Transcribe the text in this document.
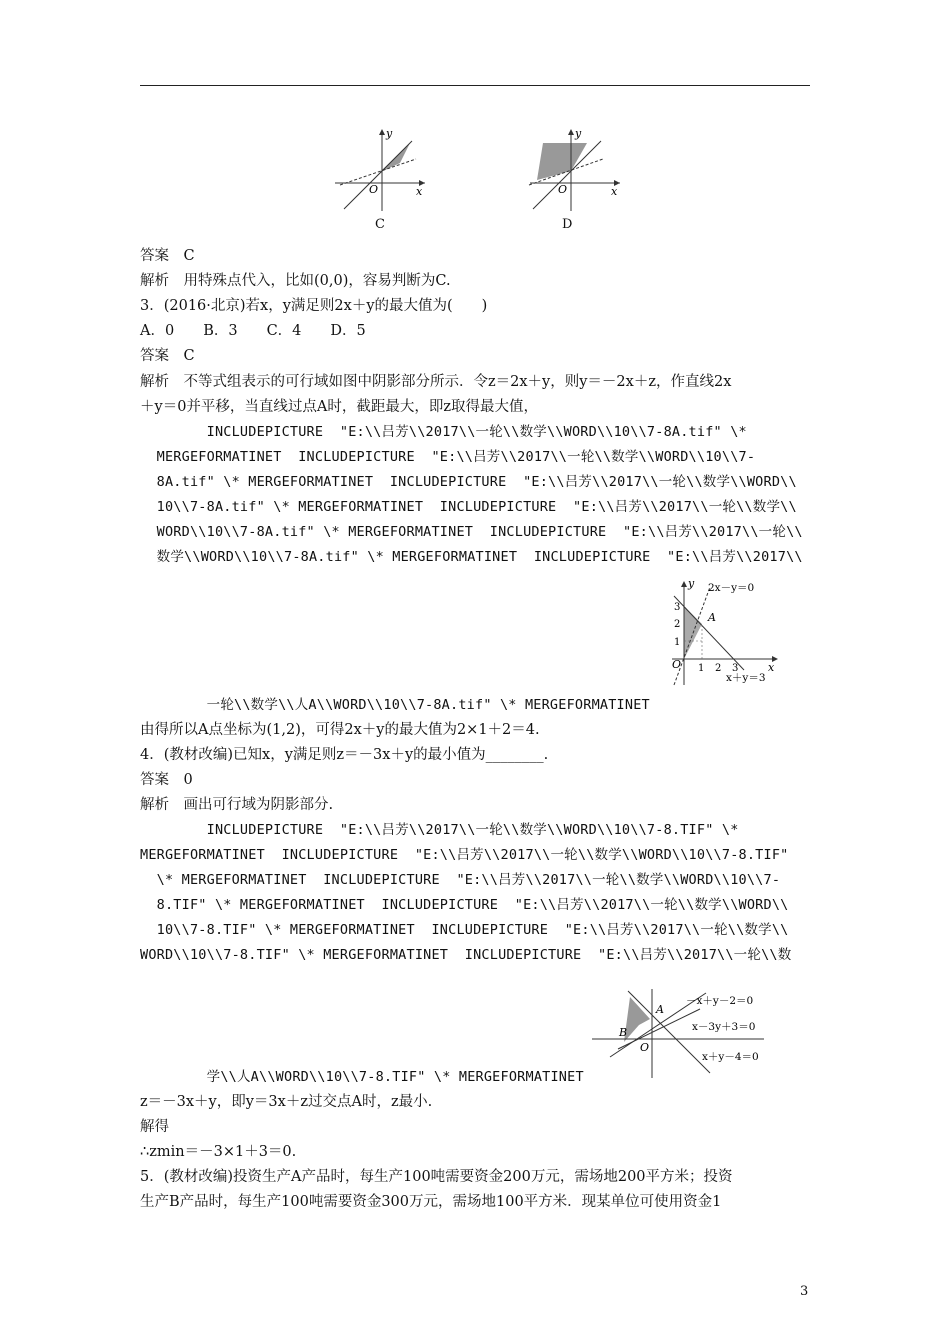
y
x
O
C
y
x
O
D
答案　C
解析　用特殊点代入，比如(0,0)，容易判断为C.
3．(2016·北京)若x，y满足则2x＋y的最大值为(　　)
A．0　　B．3　　C．4　　D．5
答案　C
解析　不等式组表示的可行域如图中阴影部分所示．令z＝2x＋y，则y＝－2x＋z，作直线2x
＋y＝0并平移，当直线过点A时，截距最大，即z取得最大值，
INCLUDEPICTURE  "E:\\吕芳\\2017\\一轮\\数学\\WORD\\10\\7-8A.tif" \*
MERGEFORMATINET  INCLUDEPICTURE  "E:\\吕芳\\2017\\一轮\\数学\\WORD\\10\\7-
8A.tif" \* MERGEFORMATINET  INCLUDEPICTURE  "E:\\吕芳\\2017\\一轮\\数学\\WORD\\
10\\7-8A.tif" \* MERGEFORMATINET  INCLUDEPICTURE  "E:\\吕芳\\2017\\一轮\\数学\\
WORD\\10\\7-8A.tif" \* MERGEFORMATINET  INCLUDEPICTURE  "E:\\吕芳\\2017\\一轮\\
数学\\WORD\\10\\7-8A.tif" \* MERGEFORMATINET  INCLUDEPICTURE  "E:\\吕芳\\2017\\
y
x
O
A
2x－y＝0
x＋y＝3
1 2 3
1
2
3
一轮\\数学\\人A\\WORD\\10\\7-8A.tif" \* MERGEFORMATINET
由得所以A点坐标为(1,2)，可得2x＋y的最大值为2×1＋2＝4.
4．(教材改编)已知x，y满足则z＝－3x＋y的最小值为________.
答案　0
解析　画出可行域为阴影部分.
INCLUDEPICTURE  "E:\\吕芳\\2017\\一轮\\数学\\WORD\\10\\7-8.TIF" \*
MERGEFORMATINET  INCLUDEPICTURE  "E:\\吕芳\\2017\\一轮\\数学\\WORD\\10\\7-8.TIF"
\* MERGEFORMATINET  INCLUDEPICTURE  "E:\\吕芳\\2017\\一轮\\数学\\WORD\\10\\7-
8.TIF" \* MERGEFORMATINET  INCLUDEPICTURE  "E:\\吕芳\\2017\\一轮\\数学\\WORD\\
10\\7-8.TIF" \* MERGEFORMATINET  INCLUDEPICTURE  "E:\\吕芳\\2017\\一轮\\数学\\
WORD\\10\\7-8.TIF" \* MERGEFORMATINET  INCLUDEPICTURE  "E:\\吕芳\\2017\\一轮\\数
A
B
O
－x＋y－2＝0
x－3y＋3＝0
x＋y－4＝0
学\\人A\\WORD\\10\\7-8.TIF" \* MERGEFORMATINET
z＝－3x＋y，即y＝3x＋z过交点A时，z最小.
解得
∴zmin＝－3×1＋3＝0.
5．(教材改编)投资生产A产品时，每生产100吨需要资金200万元，需场地200平方米；投资
生产B产品时，每生产100吨需要资金300万元，需场地100平方米．现某单位可使用资金1
3
